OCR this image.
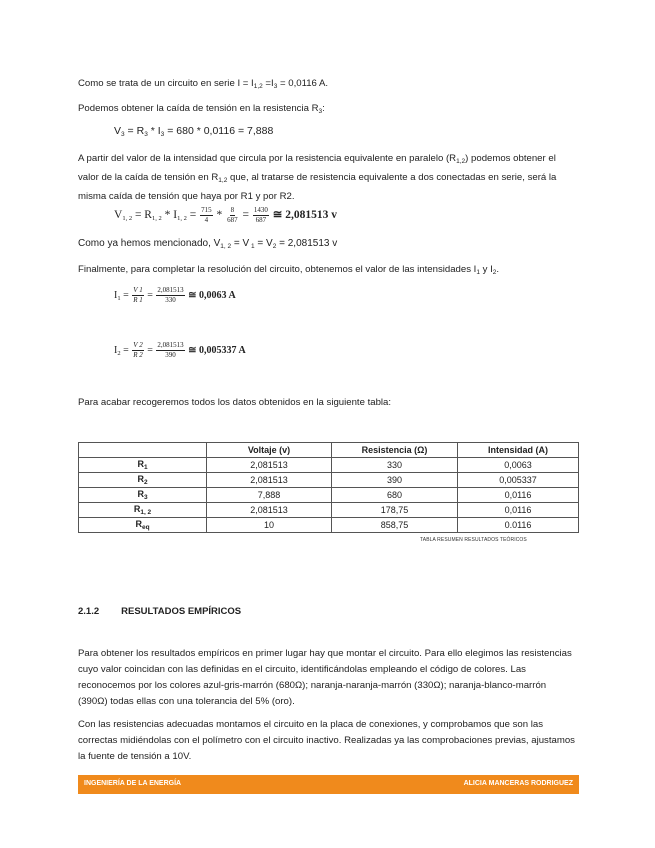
Como se trata de un circuito en serie $I = I_{1,2} =I_3 = 0,0116$ A.

Podemos obtener la caída de tensión en la resistencia $R_3$:

$V_3 = R_3 * I_3 = 680 * 0,0116 = 7,888$

A partir del valor de la intensidad que circula por la resistencia equivalente en paralelo $(R_{1,2})$ podemos obtener el valor de la caída de tensión en $R_{1,2}$ que, al tratarse de resistencia equivalente a dos conectadas en serie, será la misma caída de tensión que haya por R1 y por R2.

$V_{1, 2} = R_{1, 2} * I_{1, 2} = \frac{715}{4} * \frac{8}{687} = \frac{1430}{687}$ ≅ 2,081513 v

Como ya hemos mencionado, $V_{1, 2} = V$ $_1 = V_2 = 2,081513$ v

Finalmente, para completar la resolución del circuito, obtenemos el valor de las intensidades $I_1$ y $I_2$.

$I_1 = \frac{V 1}{R 1} = \frac{2,081513}{330}$ ≅ 0,0063 A
$I_2 = \frac{V 2}{R 2} = \frac{2,081513}{390}$ ≅ 0,005337 A

Para acabar recogeremos todos los datos obtenidos en la siguiente tabla:

	Voltaje (v)	Resistencia (Ω)	Intensidad (A)
$R_1$	2,081513	330	0,0063
$R_2$	2,081513	390	0,005337
$R_3$	7,888	680	0,0116
$R_{1, 2}$	2,081513	178,75	0,0116
$R_{eq}$	10	858,75	0.0116
TABLA RESUMEN RESULTADOS TEÓRICOS
2.1.2 RESULTADOS EMPÍRICOS

Para obtener los resultados empíricos en primer lugar hay que montar el circuito. Para ello elegimos las resistencias cuyo valor coincidan con las definidas en el circuito, identificándolas empleando el código de colores. Las reconocemos por los colores azul-gris-marrón (680Ω); naranja-naranja-marrón (330Ω); naranja-blanco-marrón (390Ω) todas ellas con una tolerancia del 5% (oro).

Con las resistencias adecuadas montamos el circuito en la placa de conexiones, y comprobamos que son las correctas midiéndolas con el polímetro con el circuito inactivo. Realizadas ya las comprobaciones previas, ajustamos la fuente de tensión a 10V.

INGENIERÍA DE LA ENERGÍA	ALICIA MANCERAS RODRIGUEZ
